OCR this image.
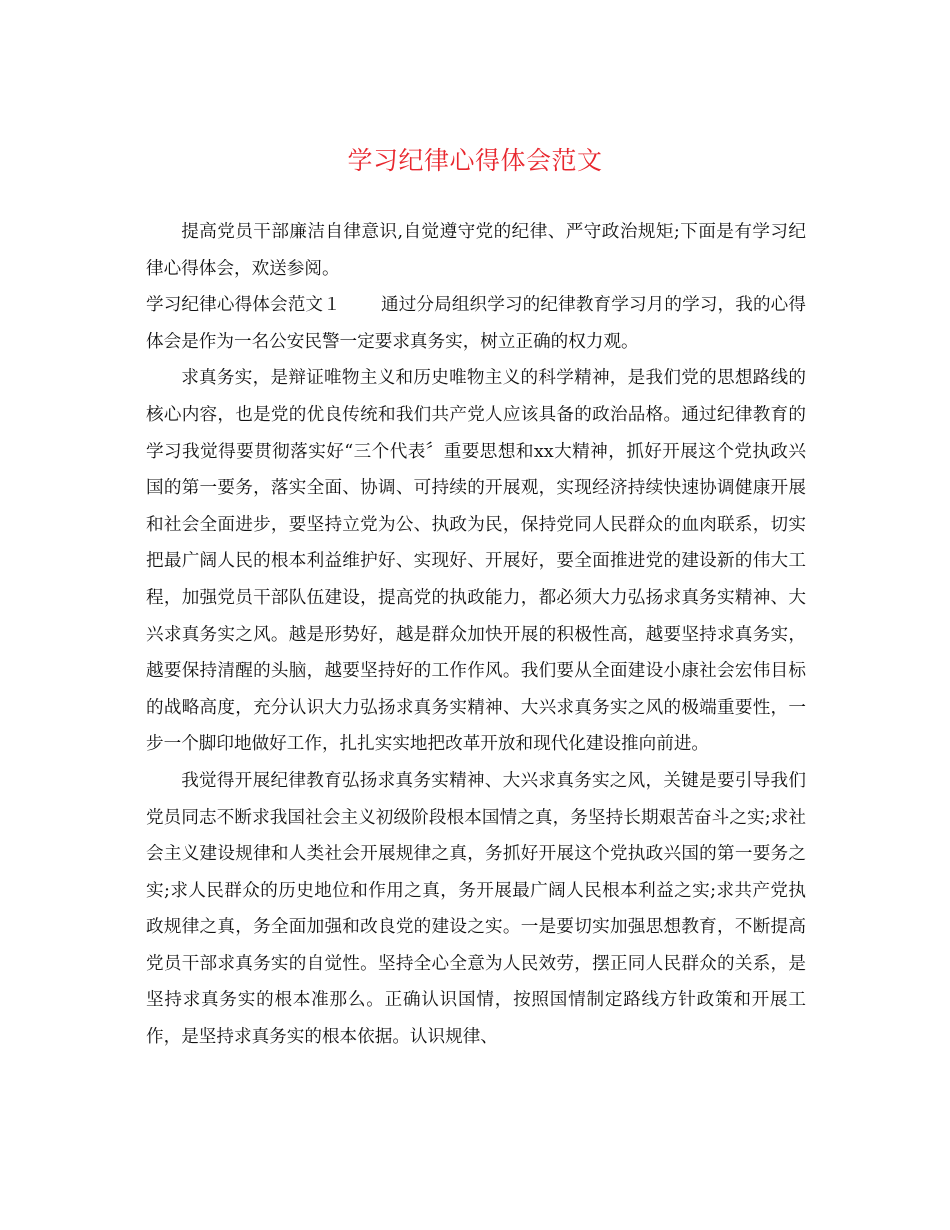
学习纪律心得体会范文

提高党员干部廉洁自律意识,自觉遵守党的纪律、严守政治规矩;下面是有学习纪律心得体会，欢送参阅。

学习纪律心得体会范文１ 通过分局组织学习的纪律教育学习月的学习，我的心得体会是作为一名公安民警一定要求真务实，树立正确的权力观。

求真务实，是辩证唯物主义和历史唯物主义的科学精神，是我们党的思想路线的核心内容，也是党的优良传统和我们共产党人应该具备的政治品格。通过纪律教育的学习我觉得要贯彻落实好“三个代表〞重要思想和xx大精神，抓好开展这个党执政兴国的第一要务，落实全面、协调、可持续的开展观，实现经济持续快速协调健康开展和社会全面进步，要坚持立党为公、执政为民，保持党同人民群众的血肉联系，切实把最广阔人民的根本利益维护好、实现好、开展好，要全面推进党的建设新的伟大工程，加强党员干部队伍建设，提高党的执政能力，都必须大力弘扬求真务实精神、大兴求真务实之风。越是形势好，越是群众加快开展的积极性高，越要坚持求真务实，越要保持清醒的头脑，越要坚持好的工作作风。我们要从全面建设小康社会宏伟目标的战略高度，充分认识大力弘扬求真务实精神、大兴求真务实之风的极端重要性，一步一个脚印地做好工作，扎扎实实地把改革开放和现代化建设推向前进。

我觉得开展纪律教育弘扬求真务实精神、大兴求真务实之风，关键是要引导我们党员同志不断求我国社会主义初级阶段根本国情之真，务坚持长期艰苦奋斗之实;求社会主义建设规律和人类社会开展规律之真，务抓好开展这个党执政兴国的第一要务之实;求人民群众的历史地位和作用之真，务开展最广阔人民根本利益之实;求共产党执政规律之真，务全面加强和改良党的建设之实。一是要切实加强思想教育，不断提高党员干部求真务实的自觉性。坚持全心全意为人民效劳，摆正同人民群众的关系，是坚持求真务实的根本准那么。正确认识国情，按照国情制定路线方针政策和开展工作，是坚持求真务实的根本依据。认识规律、
